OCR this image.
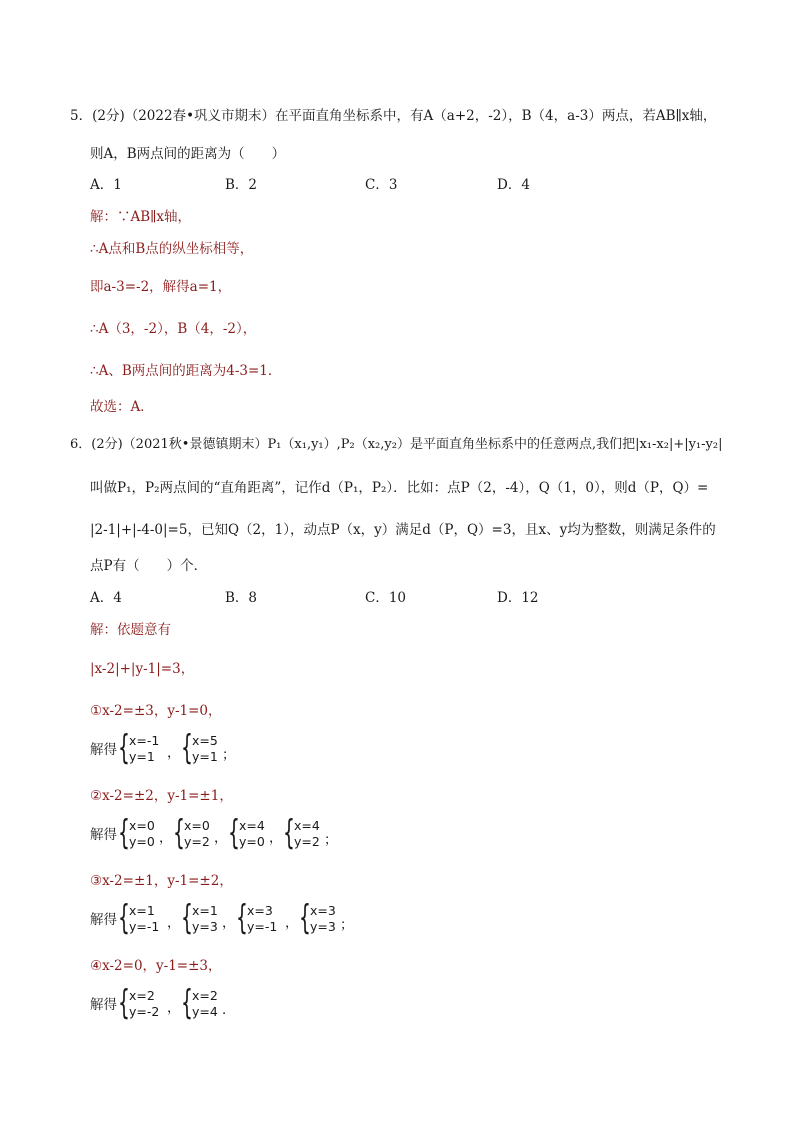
5．(2分)（2022春•巩义市期末）在平面直角坐标系中，有A（a+2，-2），B（4，a-3）两点，若AB∥x轴，
则A，B两点间的距离为（　　）
A．1	B．2	C．3	D．4
解：∵AB∥x轴，
∴A点和B点的纵坐标相等，
即a-3=-2，解得a=1，
∴A（3，-2），B（4，-2），
∴A、B两点间的距离为4-3=1．
故选：A．
6．(2分)（2021秋•景德镇期末）P₁（x₁,y₁）,P₂（x₂,y₂）是平面直角坐标系中的任意两点,我们把|x₁-x₂|+|y₁-y₂|
叫做P₁，P₂两点间的“直角距离”，记作d（P₁，P₂）．比如：点P（2，-4），Q（1，0），则d（P，Q）=
|2-1|+|-4-0|=5，已知Q（2，1），动点P（x，y）满足d（P，Q）=3，且x、y均为整数，则满足条件的
点P有（　　）个．
A．4	B．8	C．10	D．12
解：依题意有
|x-2|+|y-1|=3，
①x-2=±3，y-1=0，
解得 { x=-1
y=1 ， { x=5
y=1 ；
②x-2=±2，y-1=±1，
解得 { x=0
y=0 ， { x=0
y=2 ， { x=4
y=0 ， { x=4
y=2 ；
③x-2=±1，y-1=±2，
解得 { x=1
y=-1 ， { x=1
y=3 ， { x=3
y=-1 ， { x=3
y=3 ；
④x-2=0，y-1=±3，
解得 { x=2
y=-2 ， { x=2
y=4 ．
